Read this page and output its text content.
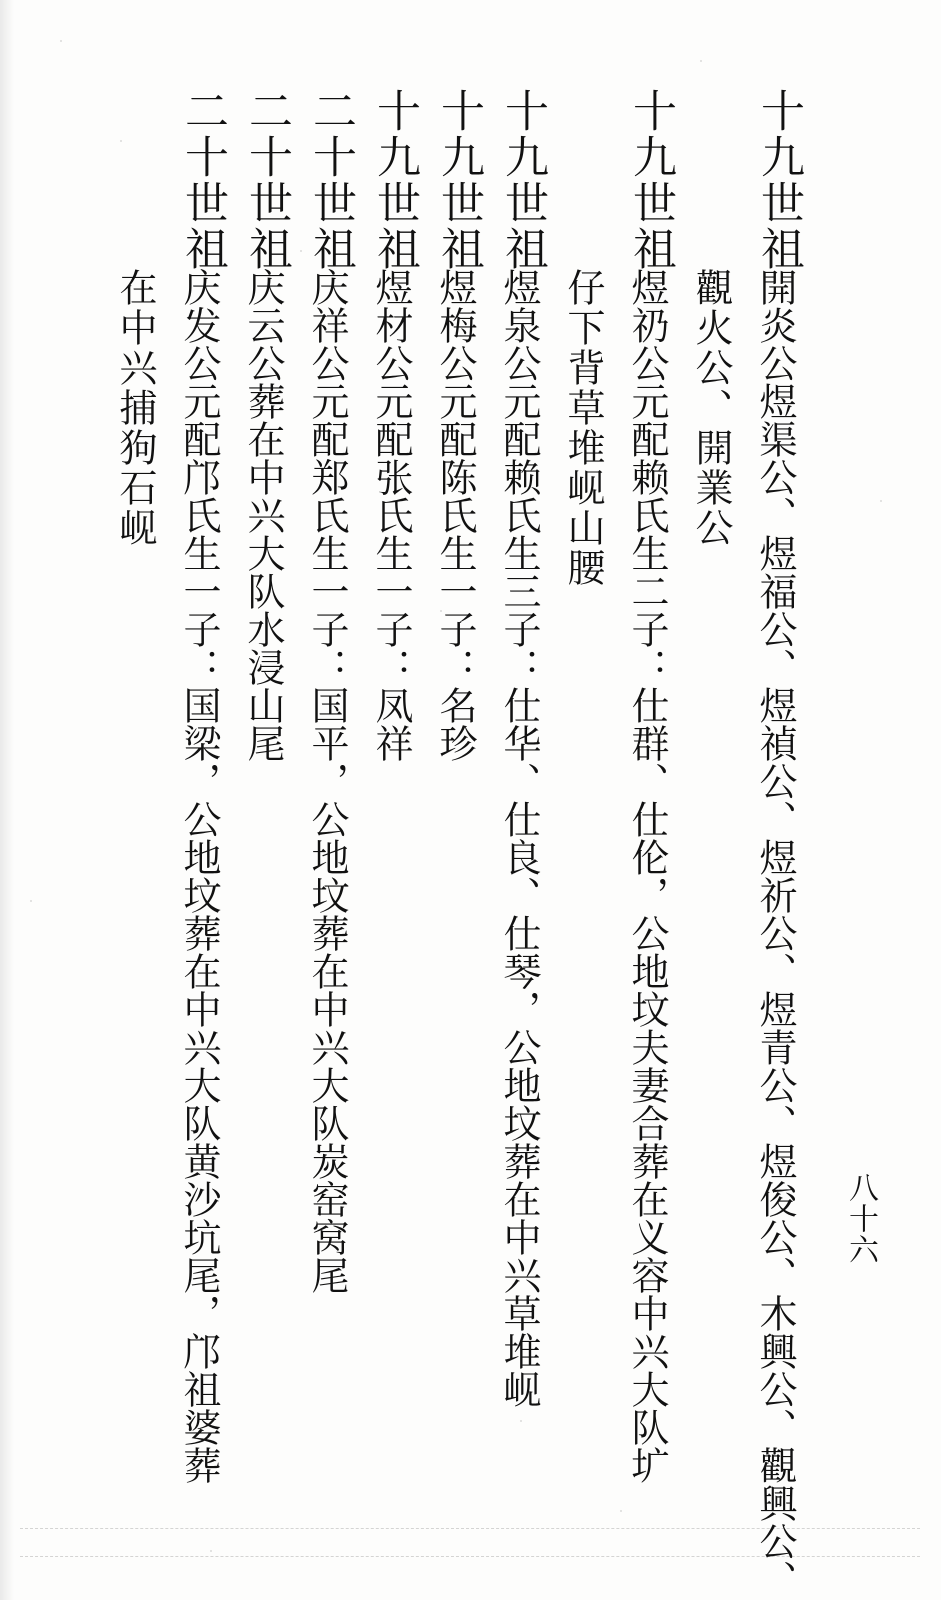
八十六
十九世祖
開炎公煜渠公、煜福公、煜禎公、煜祈公、煜青公、煜俊公、木興公、觀興公、
觀火公、開業公
十九世祖
煜礽公元配赖氏生二子：仕群、仕伦，公地坟夫妻合葬在义容中兴大队圹
仔下背草堆岘山腰
十九世祖
煜泉公元配赖氏生三子：仕华、仕良、仕琴，公地坟葬在中兴草堆岘
十九世祖
煜梅公元配陈氏生一子：名珍
十九世祖
煜材公元配张氏生一子：凤祥
二十世祖
庆祥公元配郑氏生一子：国平，公地坟葬在中兴大队炭窑窝尾
二十世祖
庆云公葬在中兴大队水浸山尾
二十世祖
庆发公元配邝氏生一子：国梁，公地坟葬在中兴大队黄沙坑尾，邝祖婆葬
在中兴捕狗石岘
